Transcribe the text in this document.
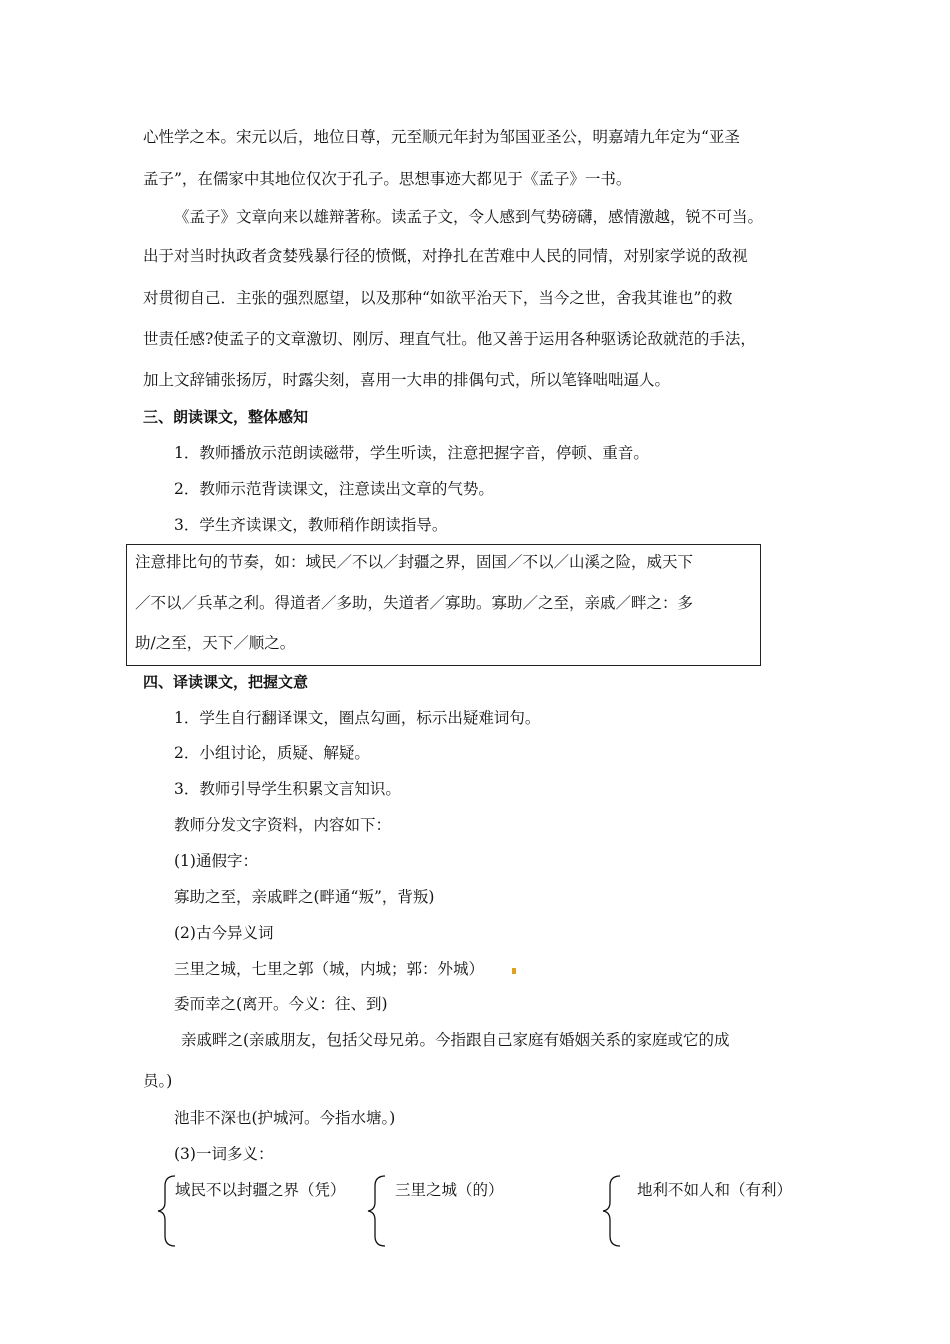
心性学之本。宋元以后，地位日尊，元至顺元年封为邹国亚圣公，明嘉靖九年定为“亚圣
孟子”，在儒家中其地位仅次于孔子。思想事迹大都见于《孟子》一书。
《孟子》文章向来以雄辩著称。读孟子文，令人感到气势磅礴，感情激越，锐不可当。
出于对当时执政者贪婪残暴行径的愤慨，对挣扎在苦难中人民的同情，对别家学说的敌视
对贯彻自己．主张的强烈愿望，以及那种“如欲平治天下，当今之世，舍我其谁也”的救
世责任感?使孟子的文章激切、刚厉、理直气壮。他又善于运用各种驱诱论敌就范的手法，
加上文辞铺张扬厉，时露尖刻，喜用一大串的排偶句式，所以笔锋咄咄逼人。
三、朗读课文，整体感知
1．教师播放示范朗读磁带，学生听读，注意把握字音，停顿、重音。
2．教师示范背读课文，注意读出文章的气势。
3．学生齐读课文，教师稍作朗读指导。
注意排比句的节奏，如：域民／不以／封疆之界，固国／不以／山溪之险，威天下
／不以／兵革之利。得道者／多助，失道者／寡助。寡助／之至，亲戚／畔之：多
助/之至，天下／顺之。
四、译读课文，把握文意
1．学生自行翻译课文，圈点勾画，标示出疑难词句。
2．小组讨论，质疑、解疑。
3．教师引导学生积累文言知识。
教师分发文字资料，内容如下：
(1)通假字：
寡助之至，亲戚畔之(畔通“叛”，背叛)
(2)古今异义词
三里之城，七里之郭（城，内城；郭：外城）
委而幸之(离开。今义：往、到)
亲戚畔之(亲戚朋友，包括父母兄弟。今指跟自己家庭有婚姻关系的家庭或它的成
员。)
池非不深也(护城河。今指水塘。)
(3)一词多义：
域民不以封疆之界（凭）	三里之城（的）	地利不如人和（有利）
